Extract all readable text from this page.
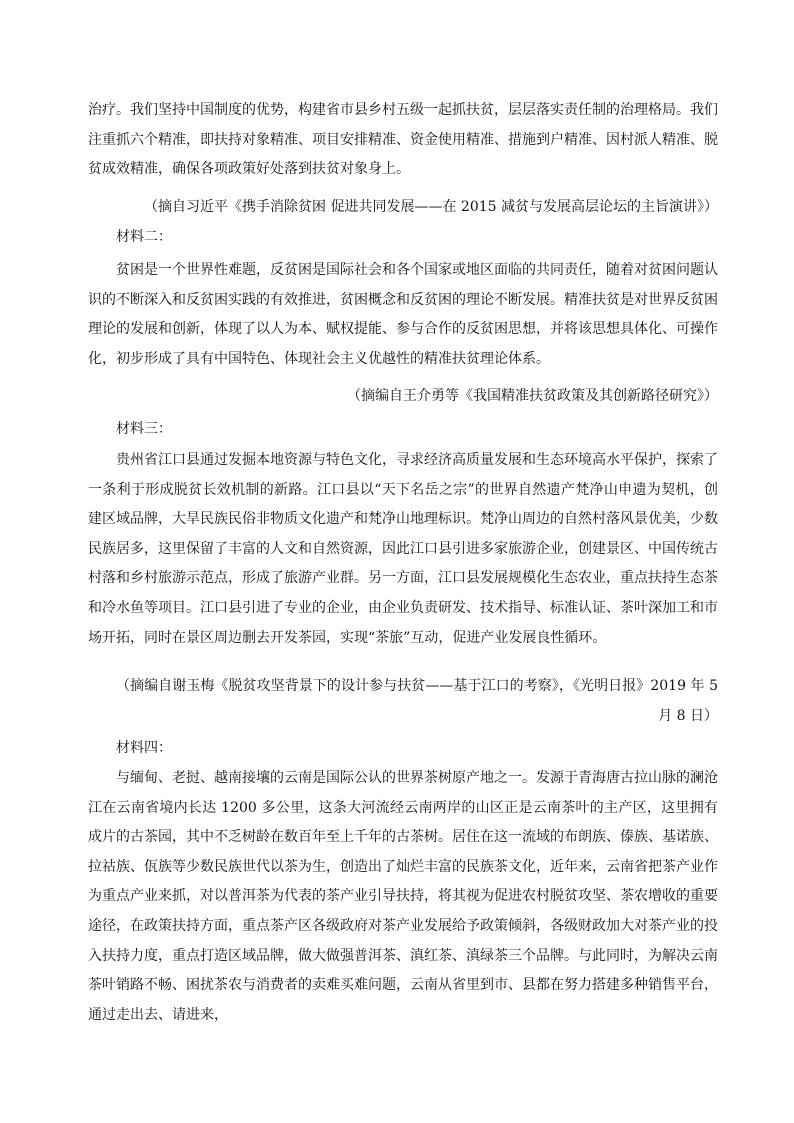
治疗。我们坚持中国制度的优势，构建省市县乡村五级一起抓扶贫，层层落实责任制的治理格局。我们注重抓六个精准，即扶持对象精准、项目安排精准、资金使用精准、措施到户精准、因村派人精准、脱贫成效精准，确保各项政策好处落到扶贫对象身上。

（摘自习近平《携手消除贫困 促进共同发展——在 2015 减贫与发展高层论坛的主旨演讲》）

材料二：

贫困是一个世界性难题，反贫困是国际社会和各个国家或地区面临的共同责任，随着对贫困问题认识的不断深入和反贫困实践的有效推进，贫困概念和反贫困的理论不断发展。精准扶贫是对世界反贫困理论的发展和创新，体现了以人为本、赋权提能、参与合作的反贫困思想，并将该思想具体化、可操作化，初步形成了具有中国特色、体现社会主义优越性的精准扶贫理论体系。

（摘编自王介勇等《我国精准扶贫政策及其创新路径研究》）

材料三：

贵州省江口县通过发掘本地资源与特色文化，寻求经济高质量发展和生态环境高水平保护，探索了一条利于形成脱贫长效机制的新路。江口县以“天下名岳之宗”的世界自然遗产梵净山申遗为契机，创建区域品牌，大旱民族民俗非物质文化遗产和梵净山地理标识。梵净山周边的自然村落风景优美，少数民族居多，这里保留了丰富的人文和自然资源，因此江口县引进多家旅游企业，创建景区、中国传统古村落和乡村旅游示范点，形成了旅游产业群。另一方面，江口县发展规模化生态农业，重点扶持生态茶和冷水鱼等项目。江口县引进了专业的企业，由企业负责研发、技术指导、标准认证、茶叶深加工和市场开拓，同时在景区周边删去开发茶园，实现“茶旅”互动，促进产业发展良性循环。

（摘编自谢玉梅《脱贫攻坚背景下的设计参与扶贫——基于江口的考察》，《光明日报》2019 年 5 月 8 日）

材料四：

与缅甸、老挝、越南接壤的云南是国际公认的世界茶树原产地之一。发源于青海唐古拉山脉的澜沧江在云南省境内长达 1200 多公里，这条大河流经云南两岸的山区正是云南茶叶的主产区，这里拥有成片的古茶园，其中不乏树龄在数百年至上千年的古茶树。居住在这一流域的布朗族、傣族、基诺族、拉祜族、佤族等少数民族世代以茶为生，创造出了灿烂丰富的民族茶文化，近年来，云南省把茶产业作为重点产业来抓，对以普洱茶为代表的茶产业引导扶持，将其视为促进农村脱贫攻坚、茶农增收的重要途径，在政策扶持方面，重点茶产区各级政府对茶产业发展给予政策倾斜，各级财政加大对茶产业的投入扶持力度，重点打造区域品牌，做大做强普洱茶、滇红茶、滇绿茶三个品牌。与此同时，为解决云南茶叶销路不畅、困扰茶农与消费者的卖难买难问题，云南从省里到市、县都在努力搭建多种销售平台，通过走出去、请进来，
